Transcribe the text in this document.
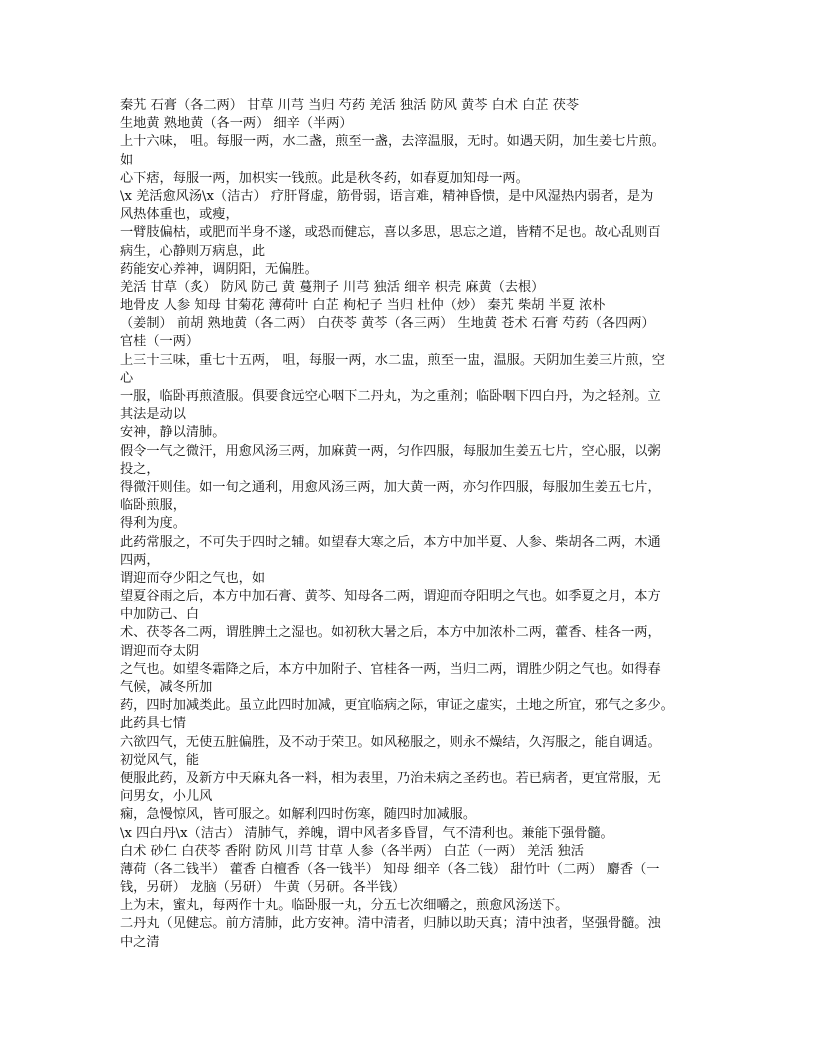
秦艽 石膏（各二两） 甘草 川芎 当归 芍药 羌活 独活 防风 黄芩 白术 白芷 茯苓
生地黄 熟地黄（各一两） 细辛（半两）
上十六味， 咀。每服一两，水二盏，煎至一盏，去滓温服，无时。如遇天阴，加生姜七片煎。
如
心下痞，每服一两，加枳实一钱煎。此是秋冬药，如春夏加知母一两。
\x 羌活愈风汤\x（洁古） 疗肝肾虚，筋骨弱，语言难，精神昏愦，是中风湿热内弱者，是为
风热体重也，或瘦，
一臂肢偏枯，或肥而半身不遂，或恐而健忘，喜以多思，思忘之道，皆精不足也。故心乱则百
病生，心静则万病息，此
药能安心养神，调阴阳，无偏胜。
羌活 甘草（炙） 防风 防己 黄 蔓荆子 川芎 独活 细辛 枳壳 麻黄（去根）
地骨皮 人参 知母 甘菊花 薄荷叶 白芷 枸杞子 当归 杜仲（炒） 秦艽 柴胡 半夏 浓朴
（姜制） 前胡 熟地黄（各二两） 白茯苓 黄芩（各三两） 生地黄 苍术 石膏 芍药（各四两）
官桂（一两）
上三十三味，重七十五两， 咀，每服一两，水二盅，煎至一盅，温服。天阴加生姜三片煎，空
心
一服，临卧再煎渣服。俱要食远空心咽下二丹丸，为之重剂；临卧咽下四白丹，为之轻剂。立
其法是动以
安神，静以清肺。
假令一气之微汗，用愈风汤三两，加麻黄一两，匀作四服，每服加生姜五七片，空心服，以粥
投之，
得微汗则佳。如一旬之通利，用愈风汤三两，加大黄一两，亦匀作四服，每服加生姜五七片，
临卧煎服，
得利为度。
此药常服之，不可失于四时之辅。如望春大寒之后，本方中加半夏、人参、柴胡各二两，木通
四两，
谓迎而夺少阳之气也，如
望夏谷雨之后，本方中加石膏、黄芩、知母各二两，谓迎而夺阳明之气也。如季夏之月，本方
中加防己、白
术、茯苓各二两，谓胜脾土之湿也。如初秋大暑之后，本方中加浓朴二两，藿香、桂各一两，
谓迎而夺太阴
之气也。如望冬霜降之后，本方中加附子、官桂各一两，当归二两，谓胜少阴之气也。如得春
气候，减冬所加
药，四时加减类此。虽立此四时加减，更宜临病之际，审证之虚实，土地之所宜，邪气之多少。
此药具七情
六欲四气，无使五脏偏胜，及不动于荣卫。如风秘服之，则永不燥结，久泻服之，能自调适。
初觉风气，能
便服此药，及新方中天麻丸各一料，相为表里，乃治未病之圣药也。若已病者，更宜常服，无
问男女，小儿风
痫，急慢惊风，皆可服之。如解利四时伤寒，随四时加减服。
\x 四白丹\x（洁古） 清肺气，养魄，谓中风者多昏冒，气不清利也。兼能下强骨髓。
白术 砂仁 白茯苓 香附 防风 川芎 甘草 人参（各半两） 白芷（一两） 羌活 独活
薄荷（各二钱半） 藿香 白檀香（各一钱半） 知母 细辛（各二钱） 甜竹叶（二两） 麝香（一
钱，另研） 龙脑（另研） 牛黄（另研。各半钱）
上为末，蜜丸，每两作十丸。临卧服一丸，分五七次细嚼之，煎愈风汤送下。
二丹丸（见健忘。前方清肺，此方安神。清中清者，归肺以助天真；清中浊者，坚强骨髓。浊
中之清
